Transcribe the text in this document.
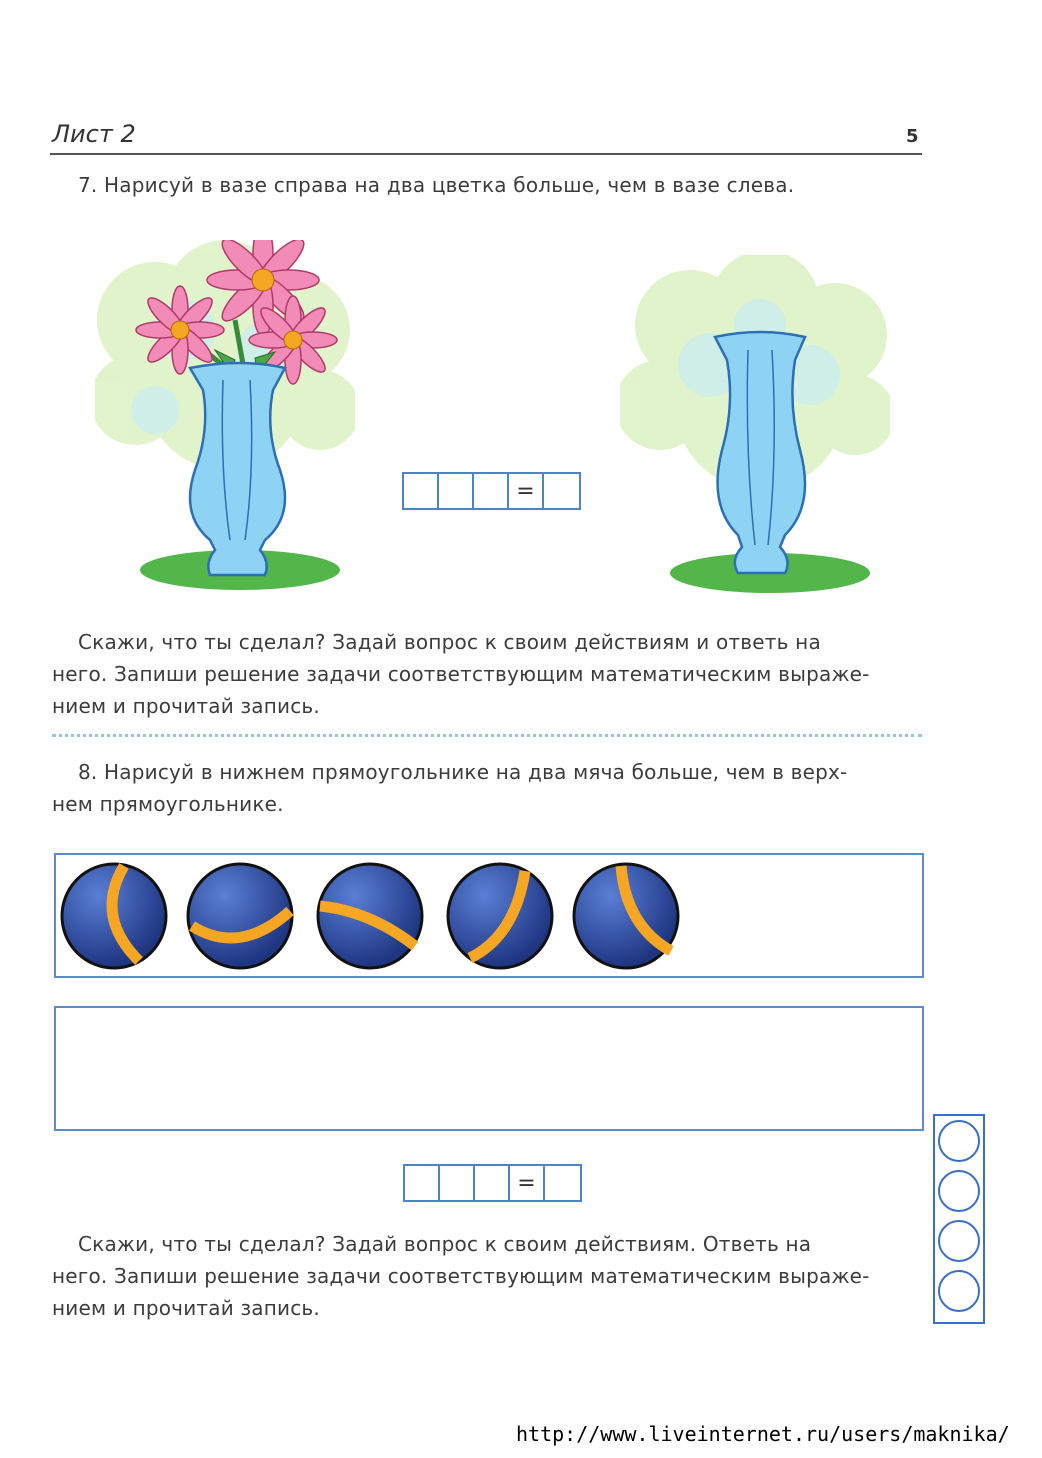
Лист 2	5
7. Нарисуй в вазе справа на два цветка больше, чем в вазе слева.
=
Скажи, что ты сделал? Задай вопрос к своим действиям и ответь на
него. Запиши решение задачи соответствующим математическим выраже-
нием и прочитай запись.
8. Нарисуй в нижнем прямоугольнике на два мяча больше, чем в верх-
нем прямоугольнике.
=
Скажи, что ты сделал? Задай вопрос к своим действиям. Ответь на
него. Запиши решение задачи соответствующим математическим выраже-
нием и прочитай запись.
http://www.liveinternet.ru/users/maknika/
